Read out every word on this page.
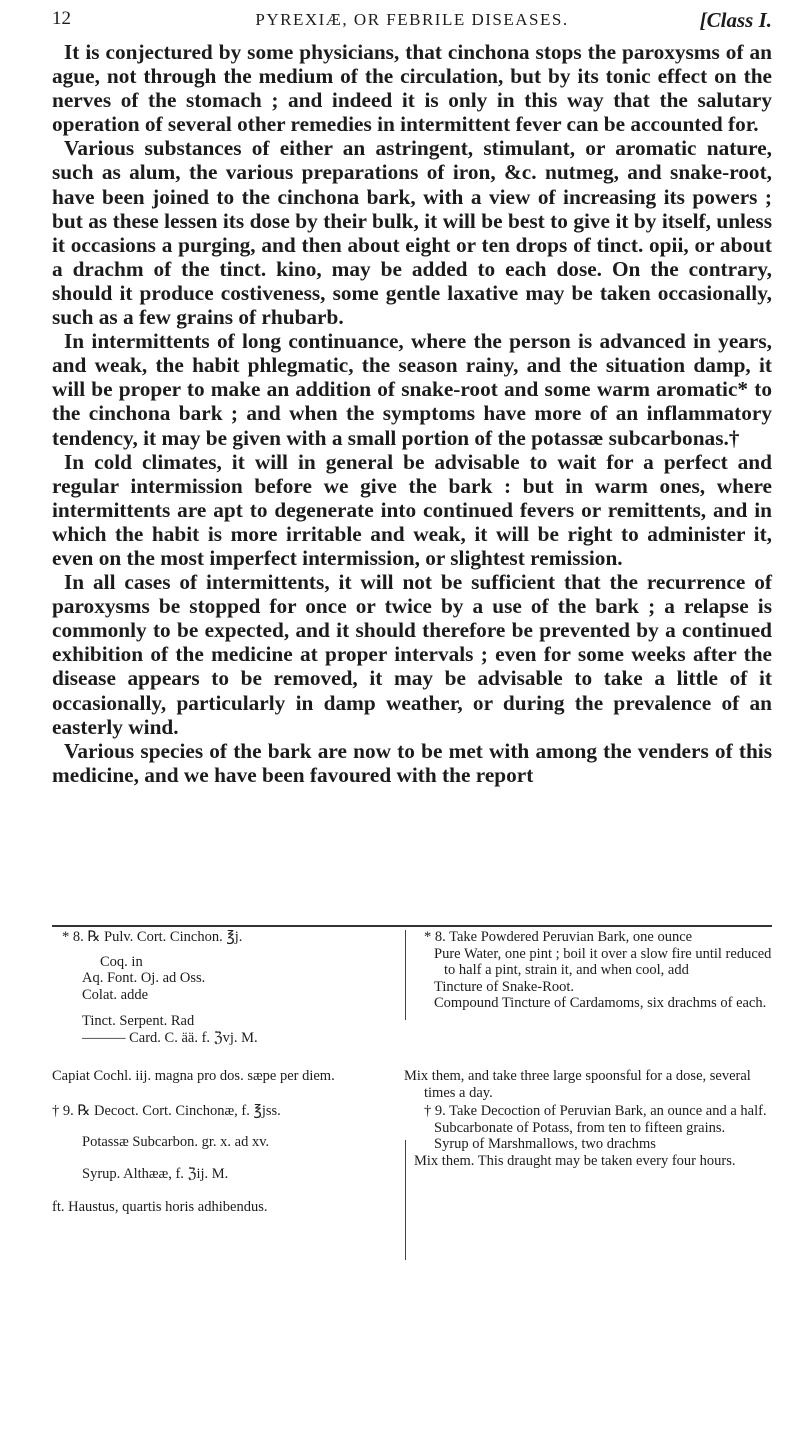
12	PYREXIÆ, OR FEBRILE DISEASES.	[Class I.

It is conjectured by some physicians, that cinchona stops the paroxysms of an ague, not through the medium of the circulation, but by its tonic effect on the nerves of the stomach ; and indeed it is only in this way that the salutary operation of several other remedies in intermittent fever can be accounted for.

Various substances of either an astringent, stimulant, or aromatic nature, such as alum, the various preparations of iron, &c. nutmeg, and snake-root, have been joined to the cinchona bark, with a view of increasing its powers ; but as these lessen its dose by their bulk, it will be best to give it by itself, unless it occasions a purging, and then about eight or ten drops of tinct. opii, or about a drachm of the tinct. kino, may be added to each dose. On the contrary, should it produce costiveness, some gentle laxative may be taken occasionally, such as a few grains of rhubarb.

In intermittents of long continuance, where the person is advanced in years, and weak, the habit phlegmatic, the season rainy, and the situation damp, it will be proper to make an addition of snake-root and some warm aromatic* to the cinchona bark ; and when the symptoms have more of an inflammatory tendency, it may be given with a small portion of the potassæ subcarbonas.†

In cold climates, it will in general be advisable to wait for a perfect and regular intermission before we give the bark : but in warm ones, where intermittents are apt to degenerate into continued fevers or remittents, and in which the habit is more irritable and weak, it will be right to administer it, even on the most imperfect intermission, or slightest remission.

In all cases of intermittents, it will not be sufficient that the recurrence of paroxysms be stopped for once or twice by a use of the bark ; a relapse is commonly to be expected, and it should therefore be prevented by a continued exhibition of the medicine at proper intervals ; even for some weeks after the disease appears to be removed, it may be advisable to take a little of it occasionally, particularly in damp weather, or during the prevalence of an easterly wind.

Various species of the bark are now to be met with among the venders of this medicine, and we have been favoured with the report

* 8. ℞ Pulv. Cort. Cinchon. ℥j.
Coq. in
Aq. Font. Oj. ad Oss.
Colat. adde
Tinct. Serpent. Rad
——— Card. C. ää. f. ℨvj. M.
* 8. Take Powdered Peruvian Bark, one ounce
Pure Water, one pint ; boil it over a slow fire until reduced to half a pint, strain it, and when cool, add
Tincture of Snake-Root.
Compound Tincture of Cardamoms, six drachms of each.
Capiat Cochl. iij. magna pro dos. sæpe per diem.	Mix them, and take three large spoonsful for a dose, several times a day.
† 9. ℞ Decoct. Cort. Cinchonæ, f. ℥jss.
Potassæ Subcarbon. gr. x. ad xv.
Syrup. Althææ, f. ℨij. M.
ft. Haustus, quartis horis adhibendus.
† 9. Take Decoction of Peruvian Bark, an ounce and a half.
Subcarbonate of Potass, from ten to fifteen grains.
Syrup of Marshmallows, two drachms
Mix them. This draught may be taken every four hours.
